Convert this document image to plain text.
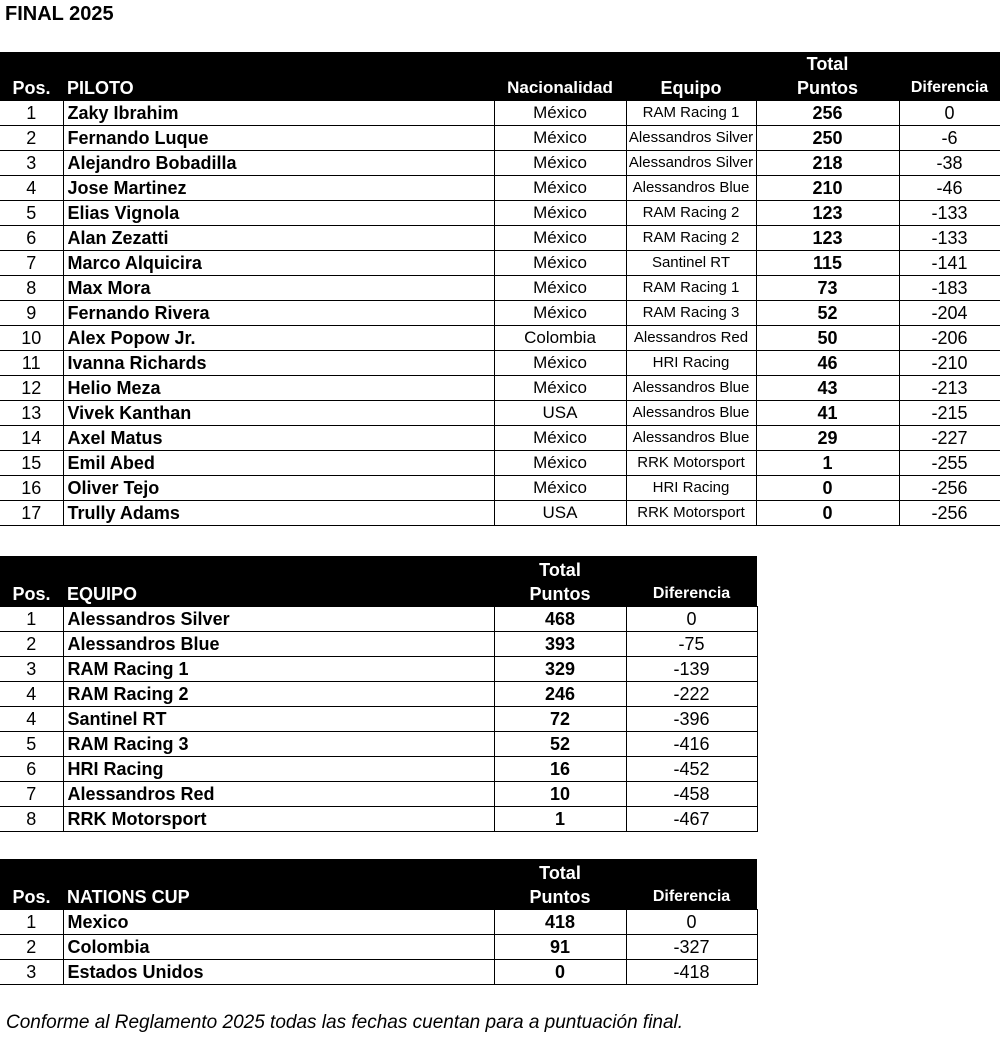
FINAL 2025
Pos.	PILOTO	Nacionalidad	Equipo	Total
Puntos	Diferencia
1	Zaky Ibrahim	México	RAM Racing 1	256	0
2	Fernando Luque	México	Alessandros Silver	250	-6
3	Alejandro Bobadilla	México	Alessandros Silver	218	-38
4	Jose Martinez	México	Alessandros Blue	210	-46
5	Elias Vignola	México	RAM Racing 2	123	-133
6	Alan Zezatti	México	RAM Racing 2	123	-133
7	Marco Alquicira	México	Santinel RT	115	-141
8	Max Mora	México	RAM Racing 1	73	-183
9	Fernando Rivera	México	RAM Racing 3	52	-204
10	Alex Popow Jr.	Colombia	Alessandros Red	50	-206
11	Ivanna Richards	México	HRI Racing	46	-210
12	Helio Meza	México	Alessandros Blue	43	-213
13	Vivek Kanthan	USA	Alessandros Blue	41	-215
14	Axel Matus	México	Alessandros Blue	29	-227
15	Emil Abed	México	RRK Motorsport	1	-255
16	Oliver Tejo	México	HRI Racing	0	-256
17	Trully Adams	USA	RRK Motorsport	0	-256
Pos.	EQUIPO	Total
Puntos	Diferencia
1	Alessandros Silver	468	0
2	Alessandros Blue	393	-75
3	RAM Racing 1	329	-139
4	RAM Racing 2	246	-222
4	Santinel RT	72	-396
5	RAM Racing 3	52	-416
6	HRI Racing	16	-452
7	Alessandros Red	10	-458
8	RRK Motorsport	1	-467
Pos.	NATIONS CUP	Total
Puntos	Diferencia
1	Mexico	418	0
2	Colombia	91	-327
3	Estados Unidos	0	-418
Conforme al Reglamento 2025 todas las fechas cuentan para a puntuación final.
